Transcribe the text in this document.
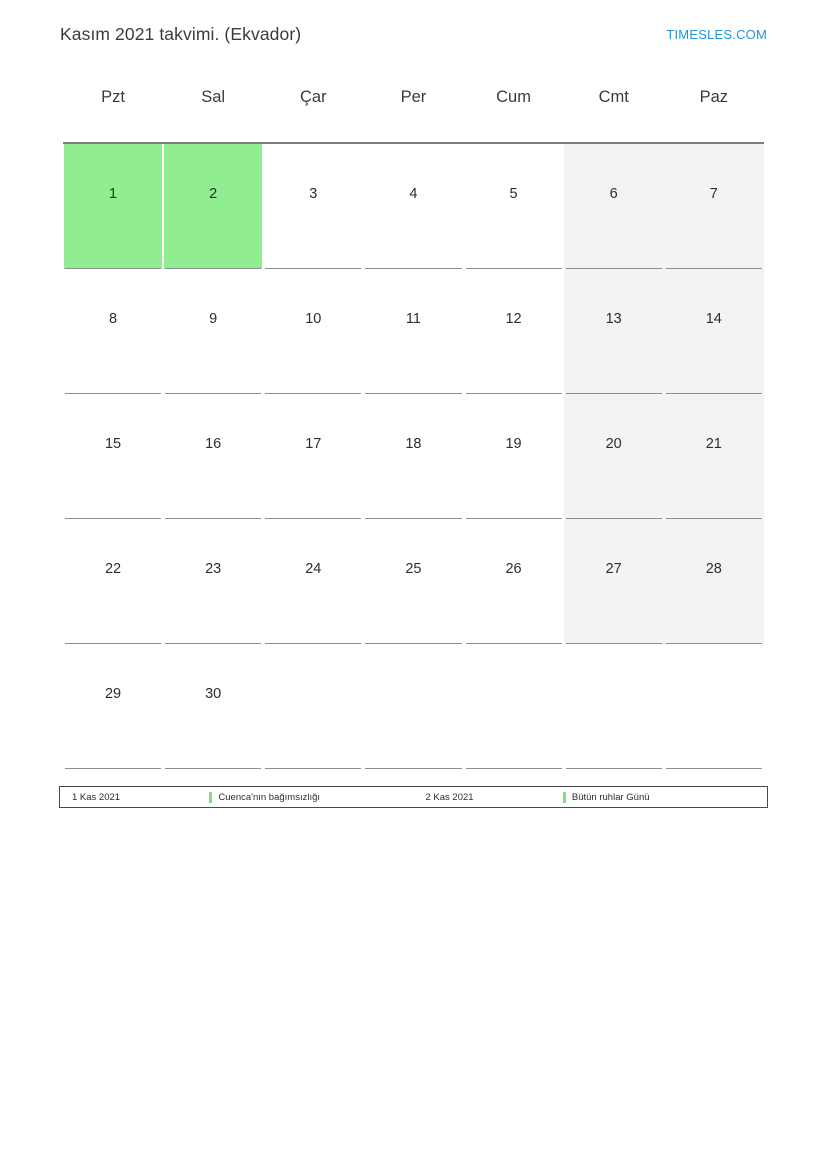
Kasım 2021 takvimi. (Ekvador)	TIMESLES.COM
Pzt	Sal	Çar	Per	Cum	Cmt	Paz
1	2	3	4	5	6	7
8	9	10	11	12	13	14
15	16	17	18	19	20	21
22	23	24	25	26	27	28
29	30
1 Kas 2021	Cuenca'nın bağımsızlığı	2 Kas 2021	Bütün ruhlar Günü
